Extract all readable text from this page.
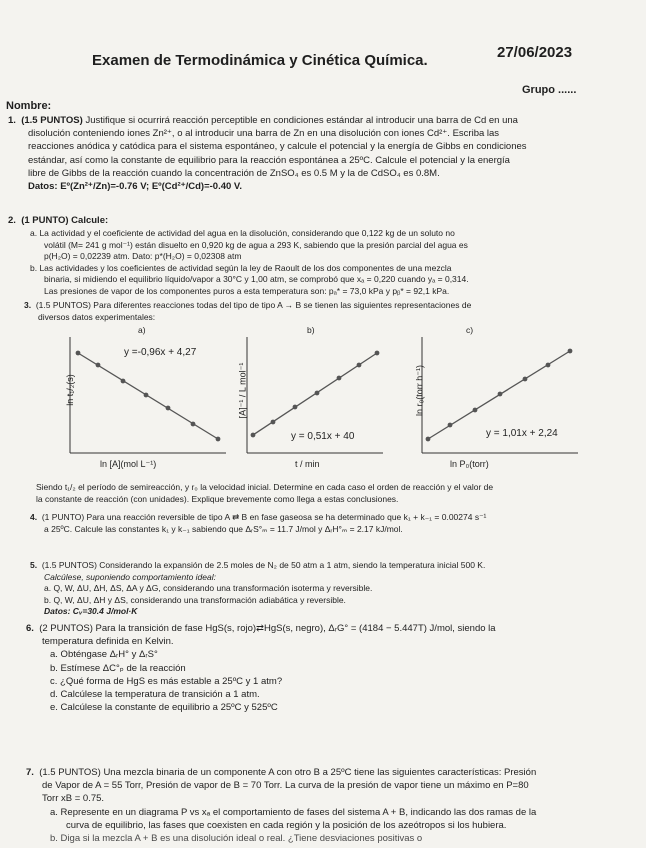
Examen de Termodinámica y Cinética Química.	27/06/2023
Grupo ......
Nombre:
1. (1.5 PUNTOS) Justifique si ocurrirá reacción perceptible en condiciones estándar al introducir una barra de Cd en una
disolución conteniendo iones Zn²⁺, o al introducir una barra de Zn en una disolución con iones Cd²⁺. Escriba las
reacciones anódica y catódica para el sistema espontáneo, y calcule el potencial y la energía de Gibbs en condiciones
estándar, así como la constante de equilibrio para la reacción espontánea a 25ºC. Calcule el potencial y la energía
libre de Gibbs de la reacción cuando la concentración de ZnSO₄ es 0.5 M y la de CdSO₄ es 0.8M.
Datos: Eº(Zn²⁺/Zn)=-0.76 V; Eº(Cd²⁺/Cd)=-0.40 V.
2. (1 PUNTO) Calcule:
a. La actividad y el coeficiente de actividad del agua en la disolución, considerando que 0,122 kg de un soluto no
volátil (M= 241 g mol⁻¹) están disuelto en 0,920 kg de agua a 293 K, sabiendo que la presión parcial del agua es
p(H₂O) = 0,02239 atm. Dato: p*(H₂O) = 0,02308 atm
b. Las actividades y los coeficientes de actividad según la ley de Raoult de los dos componentes de una mezcla
binaria, si midiendo el equilibrio líquido/vapor a 30°C y 1,00 atm, se comprobó que xₐ = 0,220 cuando yₐ = 0,314.
Las presiones de vapor de los componentes puros a esta temperatura son: pₐ* = 73,0 kPa y pᵦ* = 92,1 kPa.
3. (1.5 PUNTOS) Para diferentes reacciones todas del tipo de tipo A → B se tienen las siguientes representaciones de
diversos datos experimentales:
a)
y =-0,96x + 4,27
ln [A](mol L⁻¹)
ln t₁/₂(s)
b)
y = 0,51x + 40
t / min
[A]⁻¹ / L mol⁻¹
c)
y = 1,01x + 2,24
ln P₀(torr)
ln r₀(torr h⁻¹)
Siendo t₁/₂ el período de semireacción, y r₀ la velocidad inicial. Determine en cada caso el orden de reacción y el valor de
la constante de reacción (con unidades). Explique brevemente como llega a estas conclusiones.
4. (1 PUNTO) Para una reacción reversible de tipo A ⇄ B en fase gaseosa se ha determinado que k₁ + k₋₁ = 0.00274 s⁻¹
a 25ºC. Calcule las constantes k₁ y k₋₁ sabiendo que ΔᵣS°ₘ = 11.7 J/mol y ΔᵣH°ₘ = 2.17 kJ/mol.
5. (1.5 PUNTOS) Considerando la expansión de 2.5 moles de N₂ de 50 atm a 1 atm, siendo la temperatura inicial 500 K.
Calcúlese, suponiendo comportamiento ideal:
a. Q, W, ΔU, ΔH, ΔS, ΔA y ΔG, considerando una transformación isoterma y reversible.
b. Q, W, ΔU, ΔH y ΔS, considerando una transformación adiabática y reversible.
Datos: Cᵥ=30.4 J/mol·K
6. (2 PUNTOS) Para la transición de fase HgS(s, rojo)⇄HgS(s, negro), ΔᵣG° = (4184 − 5.447T) J/mol, siendo la
temperatura definida en Kelvin.
a. Obténgase ΔᵣH° y ΔᵣS°
b. Estímese ΔC°ₚ de la reacción
c. ¿Qué forma de HgS es más estable a 25ºC y 1 atm?
d. Calcúlese la temperatura de transición a 1 atm.
e. Calcúlese la constante de equilibrio a 25ºC y 525ºC
7. (1.5 PUNTOS) Una mezcla binaria de un componente A con otro B a 25ºC tiene las siguientes características: Presión
de Vapor de A = 55 Torr, Presión de vapor de B = 70 Torr. La curva de la presión de vapor tiene un máximo en P=80
Torr xB = 0.75.
a. Represente en un diagrama P vs xₐ el comportamiento de fases del sistema A + B, indicando las dos ramas de la
curva de equilibrio, las fases que coexisten en cada región y la posición de los azeótropos si los hubiera.
b. Diga si la mezcla A + B es una disolución ideal o real. ¿Tiene desviaciones positivas o
